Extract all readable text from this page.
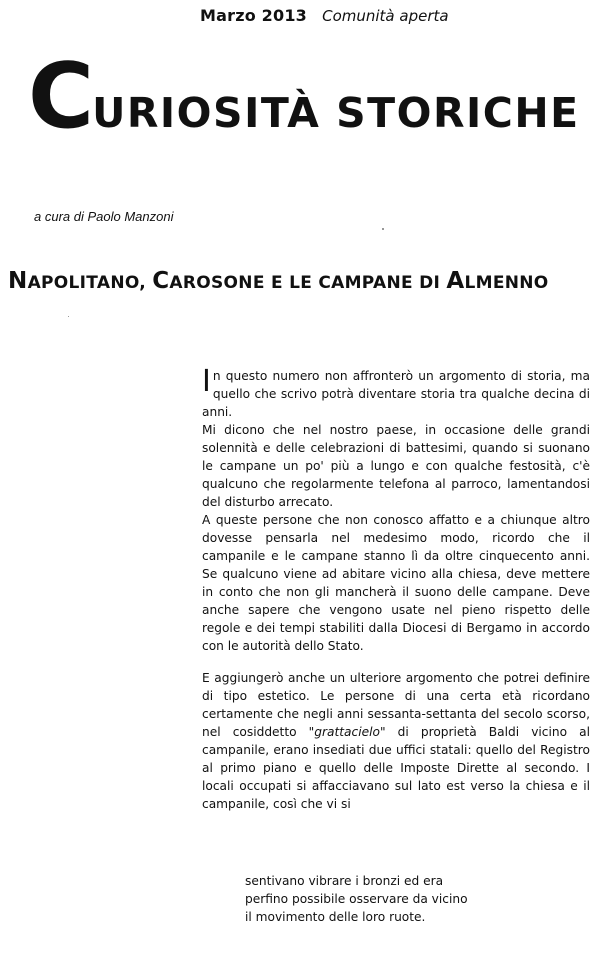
Marzo 2013 Comunità aperta
CURIOSITÀ STORICHE
a cura di Paolo Manzoni
NAPOLITANO, CAROSONE E LE CAMPANE DI ALMENNO

In questo numero non affronterò un argomento di storia, ma quello che scrivo potrà diventare storia tra qualche decina di anni.

Mi dicono che nel nostro paese, in occasione delle grandi solennità e delle celebrazioni di battesimi, quando si suonano le campane un po' più a lungo e con qualche festosità, c'è qualcuno che regolarmente telefona al parroco, lamentandosi del disturbo arrecato.

A queste persone che non conosco affatto e a chiunque altro dovesse pensarla nel medesimo modo, ricordo che il campanile e le campane stanno lì da oltre cinquecento anni. Se qualcuno viene ad abitare vicino alla chiesa, deve mettere in conto che non gli mancherà il suono delle campane. Deve anche sapere che vengono usate nel pieno rispetto delle regole e dei tempi stabiliti dalla Diocesi di Bergamo in accordo con le autorità dello Stato.

E aggiungerò anche un ulteriore argomento che potrei definire di tipo estetico. Le persone di una certa età ricordano certamente che negli anni sessanta-settanta del secolo scorso, nel cosiddetto "grattacielo" di proprietà Baldi vicino al campanile, erano insediati due uffici statali: quello del Registro al primo piano e quello delle Imposte Dirette al secondo. I locali occupati si affacciavano sul lato est verso la chiesa e il campanile, così che vi si

sentivano vibrare i bronzi ed era

perfino possibile osservare da vicino

il movimento delle loro ruote.
